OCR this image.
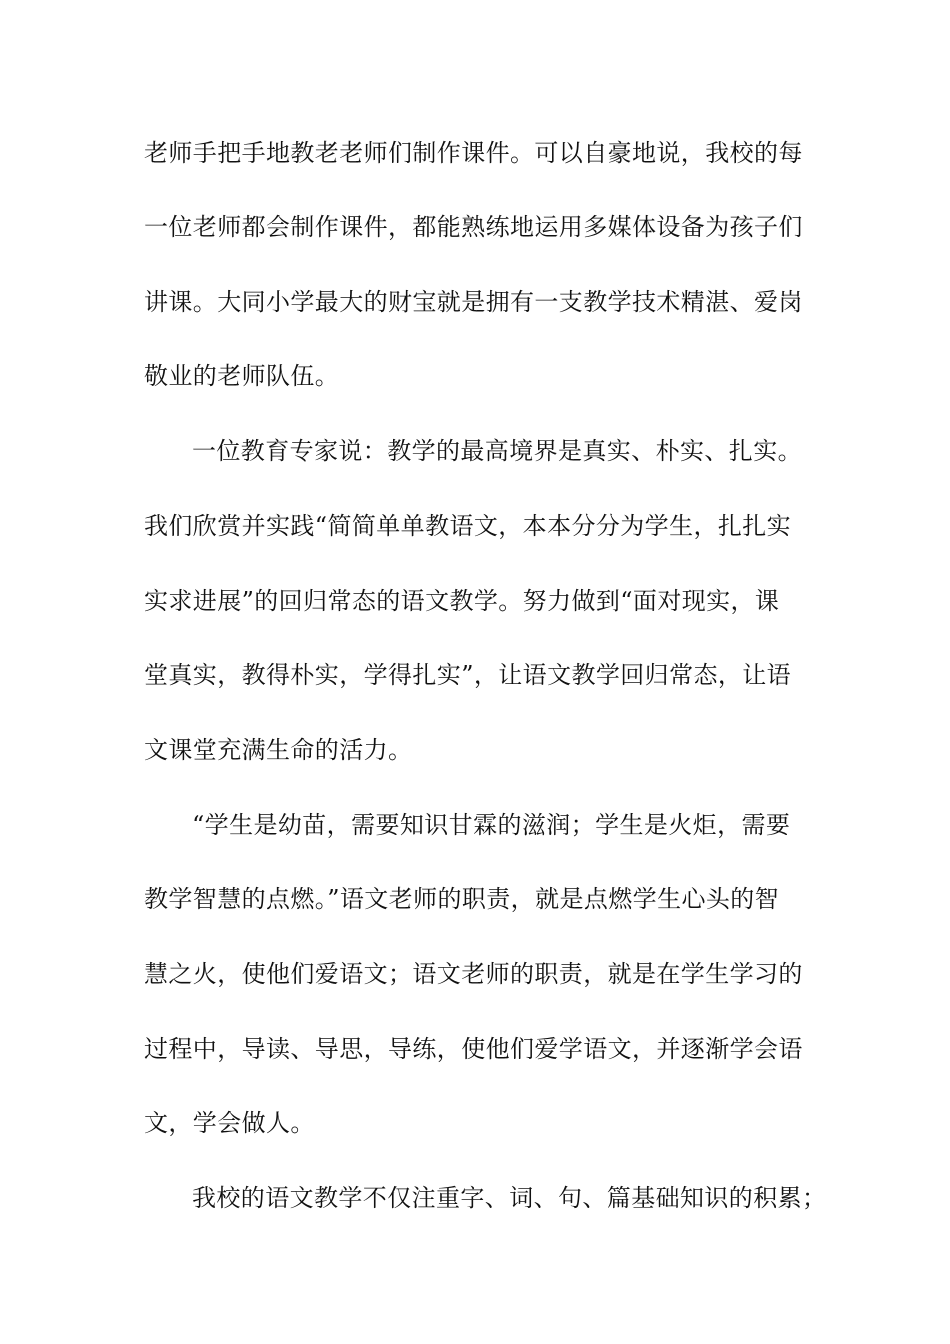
老师手把手地教老老师们制作课件。可以自豪地说，我校的每
一位老师都会制作课件，都能熟练地运用多媒体设备为孩子们
讲课。大同小学最大的财宝就是拥有一支教学技术精湛、爱岗
敬业的老师队伍。
一位教育专家说：教学的最高境界是真实、朴实、扎实。
我们欣赏并实践“简简单单教语文，本本分分为学生，扎扎实
实求进展”的回归常态的语文教学。努力做到“面对现实，课
堂真实，教得朴实，学得扎实”，让语文教学回归常态，让语
文课堂充满生命的活力。
“学生是幼苗，需要知识甘霖的滋润；学生是火炬，需要
教学智慧的点燃。”语文老师的职责，就是点燃学生心头的智
慧之火，使他们爱语文；语文老师的职责，就是在学生学习的
过程中，导读、导思，导练，使他们爱学语文，并逐渐学会语
文，学会做人。
我校的语文教学不仅注重字、词、句、篇基础知识的积累；
